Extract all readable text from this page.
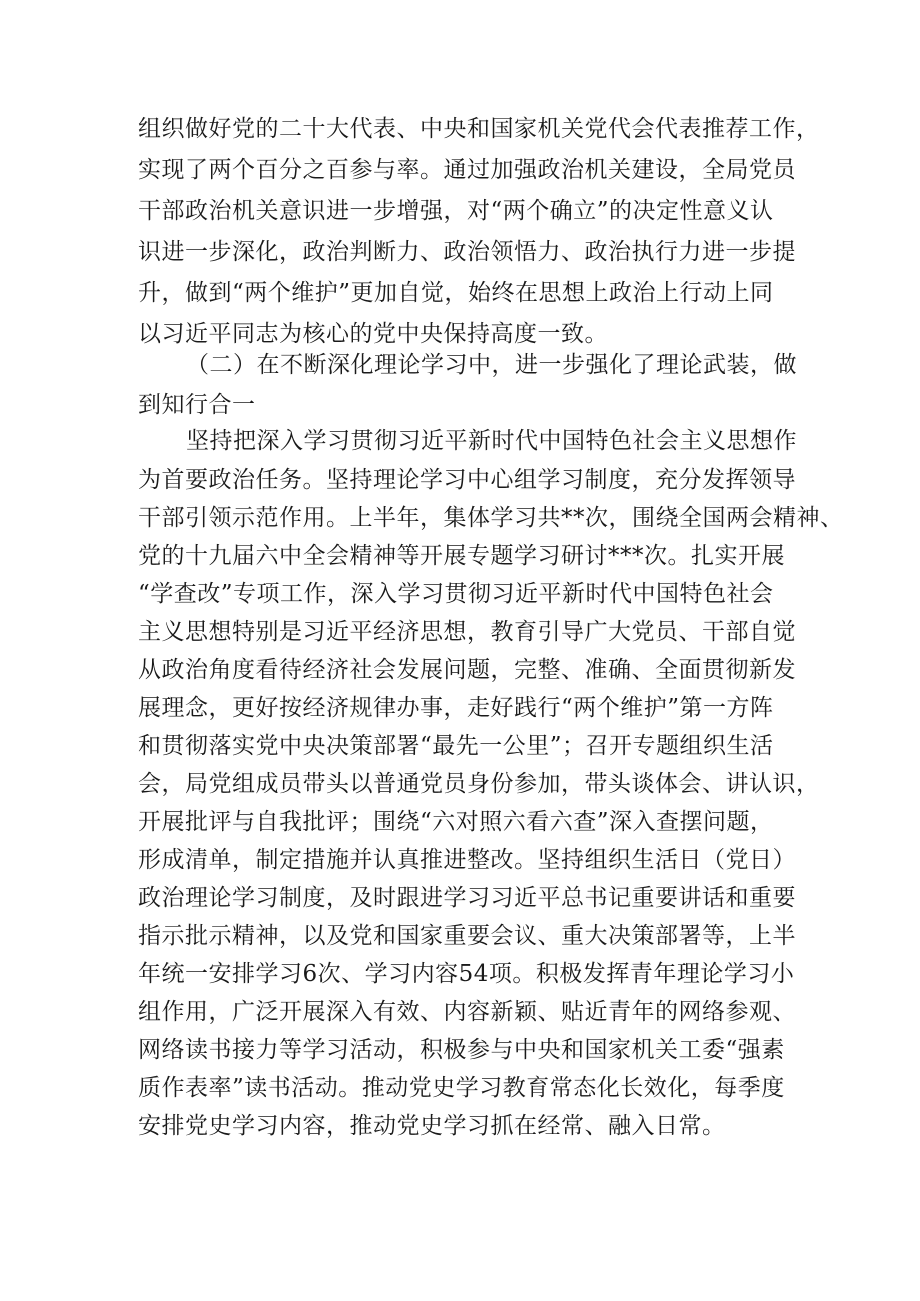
组织做好党的二十大代表、中央和国家机关党代会代表推荐工作，
实现了两个百分之百参与率。通过加强政治机关建设，全局党员
干部政治机关意识进一步增强，对“两个确立”的决定性意义认
识进一步深化，政治判断力、政治领悟力、政治执行力进一步提
升，做到“两个维护”更加自觉，始终在思想上政治上行动上同
以习近平同志为核心的党中央保持高度一致。
（二）在不断深化理论学习中，进一步强化了理论武装，做
到知行合一
坚持把深入学习贯彻习近平新时代中国特色社会主义思想作
为首要政治任务。坚持理论学习中心组学习制度，充分发挥领导
干部引领示范作用。上半年，集体学习共**次，围绕全国两会精神、
党的十九届六中全会精神等开展专题学习研讨***次。扎实开展
“学查改”专项工作，深入学习贯彻习近平新时代中国特色社会
主义思想特别是习近平经济思想，教育引导广大党员、干部自觉
从政治角度看待经济社会发展问题，完整、准确、全面贯彻新发
展理念，更好按经济规律办事，走好践行“两个维护”第一方阵
和贯彻落实党中央决策部署“最先一公里”；召开专题组织生活
会，局党组成员带头以普通党员身份参加，带头谈体会、讲认识，
开展批评与自我批评；围绕“六对照六看六查”深入查摆问题，
形成清单，制定措施并认真推进整改。坚持组织生活日（党日）
政治理论学习制度，及时跟进学习习近平总书记重要讲话和重要
指示批示精神，以及党和国家重要会议、重大决策部署等，上半
年统一安排学习6次、学习内容54项。积极发挥青年理论学习小
组作用，广泛开展深入有效、内容新颖、贴近青年的网络参观、
网络读书接力等学习活动，积极参与中央和国家机关工委“强素
质作表率”读书活动。推动党史学习教育常态化长效化，每季度
安排党史学习内容，推动党史学习抓在经常、融入日常。
